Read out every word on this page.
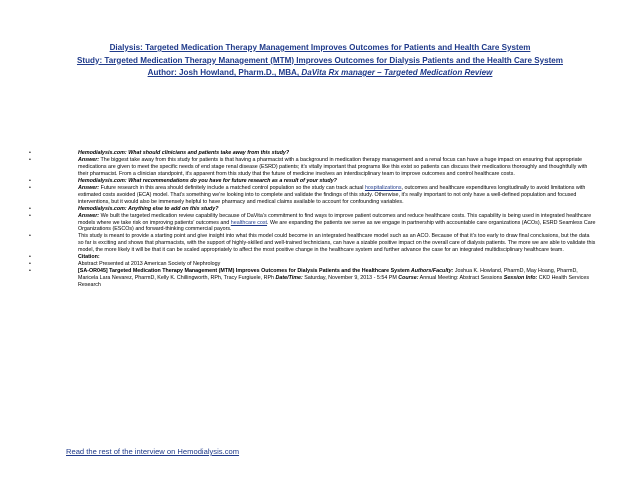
Dialysis: Targeted Medication Therapy Management Improves Outcomes for Patients and Health Care System
Study: Targeted Medication Therapy Management (MTM) Improves Outcomes for Dialysis Patients and the Health Care System
Author: Josh Howland, Pharm.D., MBA, DaVita Rx manager – Targeted Medication Review
•	Hemodialysis.com: What should clinicians and patients take away from this study?
•	Answer: The biggest take away from this study for patients is that having a pharmacist with a background in medication therapy management and a renal focus can have a huge impact on ensuring that appropriate medications are given to meet the specific needs of end stage renal disease (ESRD) patients; it’s vitally important that programs like this exist so patients can discuss their medications thoroughly and thoughtfully with their pharmacist. From a clinician standpoint, it’s apparent from this study that the future of medicine involves an interdisciplinary team to improve outcomes and control healthcare costs.
•	Hemodialysis.com: What recommendations do you have for future research as a result of your study?
•	Answer: Future research in this area should definitely include a matched control population so the study can track actual hospitalizations, outcomes and healthcare expenditures longitudinally to avoid limitations with estimated costs avoided (ECA) model. That’s something we’re looking into to complete and validate the findings of this study. Otherwise, it’s really important to not only have a well-defined population and focused interventions, but it would also be immensely helpful to have pharmacy and medical claims available to account for confounding variables.
•	Hemodialysis.com: Anything else to add on this study?
•	Answer: We built the targeted medication review capability because of DaVita’s commitment to find ways to improve patient outcomes and reduce healthcare costs. This capability is being used in integrated healthcare models where we take risk on improving patients’ outcomes and healthcare cost. We are expanding the patients we serve as we engage in partnership with accountable care organizations (ACOs), ESRD Seamless Care Organizations (ESCOs) and forward-thinking commercial payors.
•	This study is meant to provide a starting point and give insight into what this model could become in an integrated healthcare model such as an ACO. Because of that it’s too early to draw final conclusions, but the data so far is exciting and shows that pharmacists, with the support of highly-skilled and well-trained technicians, can have a sizable positive impact on the overall care of dialysis patients. The more we are able to validate this model, the more likely it will be that it can be scaled appropriately to affect the most positive change in the healthcare system and further advance the case for an integrated multidisciplinary healthcare team.
•	Citation:
•	Abstract Presented at 2013 American Society of Nephrology
•	[SA-OR045] Targeted Medication Therapy Management (MTM) Improves Outcomes for Dialysis Patients and the Healthcare System Authors/Faculty: Joshua K. Howland, PharmD, May Hoang, PharmD, Maricela Lara Nevarez, PharmD, Kelly K. Chillingworth, RPh, Tracy Furgiuele, RPh Date/Time: Saturday, November 9, 2013 - 5:54 PM Course: Annual Meeting: Abstract Sessions Session Info: CKD Health Services Research
Read the rest of the interview on Hemodialysis.com
